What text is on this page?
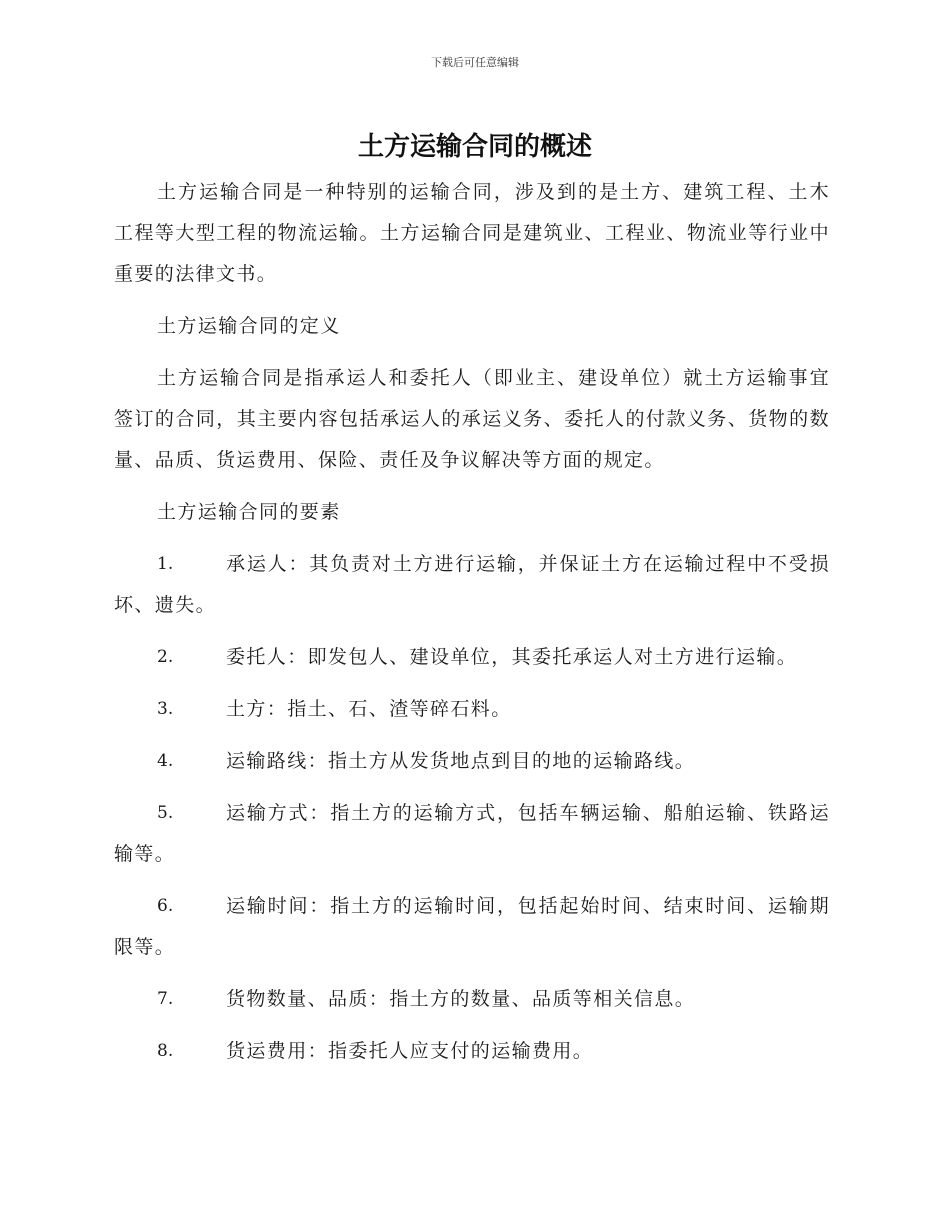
下载后可任意编辑
土方运输合同的概述

土方运输合同是一种特别的运输合同，涉及到的是土方、建筑工程、土木工程等大型工程的物流运输。土方运输合同是建筑业、工程业、物流业等行业中重要的法律文书。

土方运输合同的定义

土方运输合同是指承运人和委托人（即业主、建设单位）就土方运输事宜签订的合同，其主要内容包括承运人的承运义务、委托人的付款义务、货物的数量、品质、货运费用、保险、责任及争议解决等方面的规定。

土方运输合同的要素

1.	承运人：其负责对土方进行运输，并保证土方在运输过程中不受损坏、遗失。
2.	委托人：即发包人、建设单位，其委托承运人对土方进行运输。
3.	土方：指土、石、渣等碎石料。
4.	运输路线：指土方从发货地点到目的地的运输路线。
5.	运输方式：指土方的运输方式，包括车辆运输、船舶运输、铁路运输等。
6.	运输时间：指土方的运输时间，包括起始时间、结束时间、运输期限等。
7.	货物数量、品质：指土方的数量、品质等相关信息。
8.	货运费用：指委托人应支付的运输费用。
